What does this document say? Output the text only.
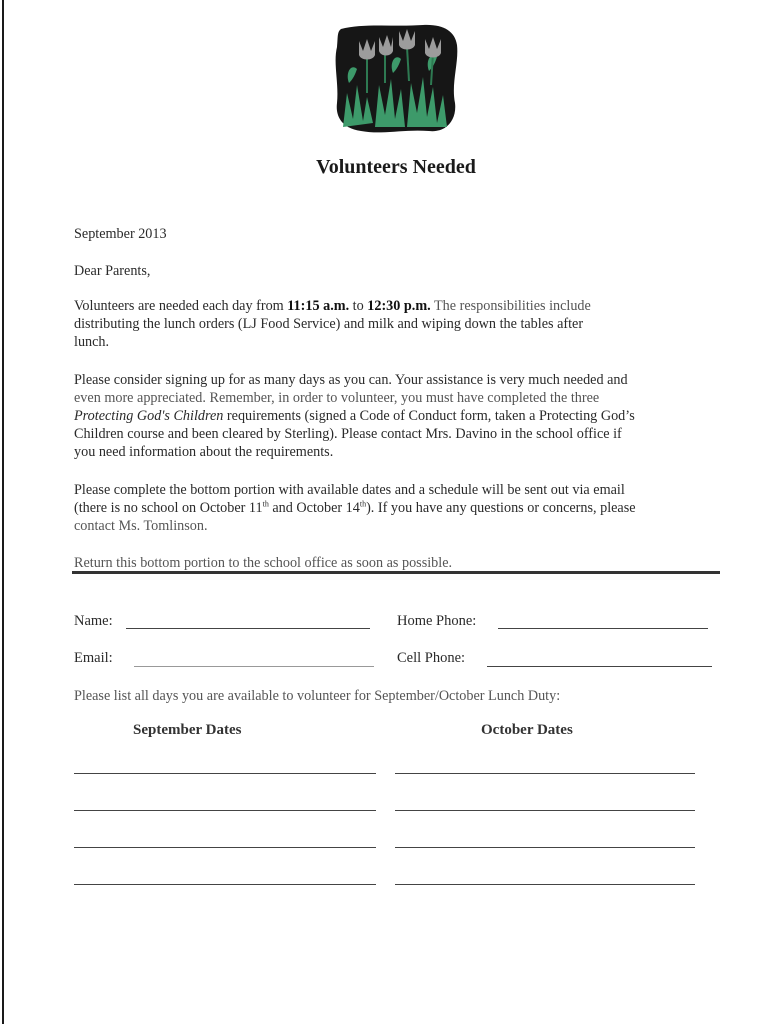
Volunteers Needed
September 2013
Dear Parents,
Volunteers are needed each day from 11:15 a.m. to 12:30 p.m. The responsibilities include
distributing the lunch orders (LJ Food Service) and milk and wiping down the tables after
lunch.
Please consider signing up for as many days as you can. Your assistance is very much needed and
even more appreciated. Remember, in order to volunteer, you must have completed the three
Protecting God's Children requirements (signed a Code of Conduct form, taken a Protecting God’s
Children course and been cleared by Sterling). Please contact Mrs. Davino in the school office if
you need information about the requirements.
Please complete the bottom portion with available dates and a schedule will be sent out via email
(there is no school on October 11th and October 14th). If you have any questions or concerns, please
contact Ms. Tomlinson.
Return this bottom portion to the school office as soon as possible.
Name:	Home Phone:
Email:	Cell Phone:
Please list all days you are available to volunteer for September/October Lunch Duty:
September Dates	October Dates
